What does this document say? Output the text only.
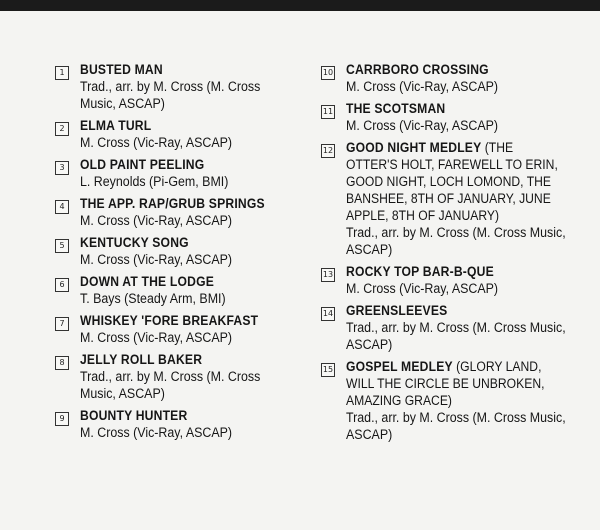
1	BUSTED MAN
Trad., arr. by M. Cross (M. Cross Music, ASCAP)
2	ELMA TURL
M. Cross (Vic-Ray, ASCAP)
3	OLD PAINT PEELING
L. Reynolds (Pi-Gem, BMI)
4	THE APP. RAP/GRUB SPRINGS
M. Cross (Vic-Ray, ASCAP)
5	KENTUCKY SONG
M. Cross (Vic-Ray, ASCAP)
6	DOWN AT THE LODGE
T. Bays (Steady Arm, BMI)
7	WHISKEY 'FORE BREAKFAST
M. Cross (Vic-Ray, ASCAP)
8	JELLY ROLL BAKER
Trad., arr. by M. Cross (M. Cross Music, ASCAP)
9	BOUNTY HUNTER
M. Cross (Vic-Ray, ASCAP)
10 CARRBORO CROSSING
M. Cross (Vic-Ray, ASCAP)
11 THE SCOTSMAN
M. Cross (Vic-Ray, ASCAP)
12 GOOD NIGHT MEDLEY (THE OTTER'S HOLT, FAREWELL TO ERIN, GOOD NIGHT, LOCH LOMOND, THE BANSHEE, 8TH OF JANUARY, JUNE APPLE, 8TH OF JANUARY)
Trad., arr. by M. Cross (M. Cross Music, ASCAP)
13 ROCKY TOP BAR-B-QUE
M. Cross (Vic-Ray, ASCAP)
14 GREENSLEEVES
Trad., arr. by M. Cross (M. Cross Music, ASCAP)
15 GOSPEL MEDLEY (GLORY LAND, WILL THE CIRCLE BE UNBROKEN, AMAZING GRACE)
Trad., arr. by M. Cross (M. Cross Music, ASCAP)
